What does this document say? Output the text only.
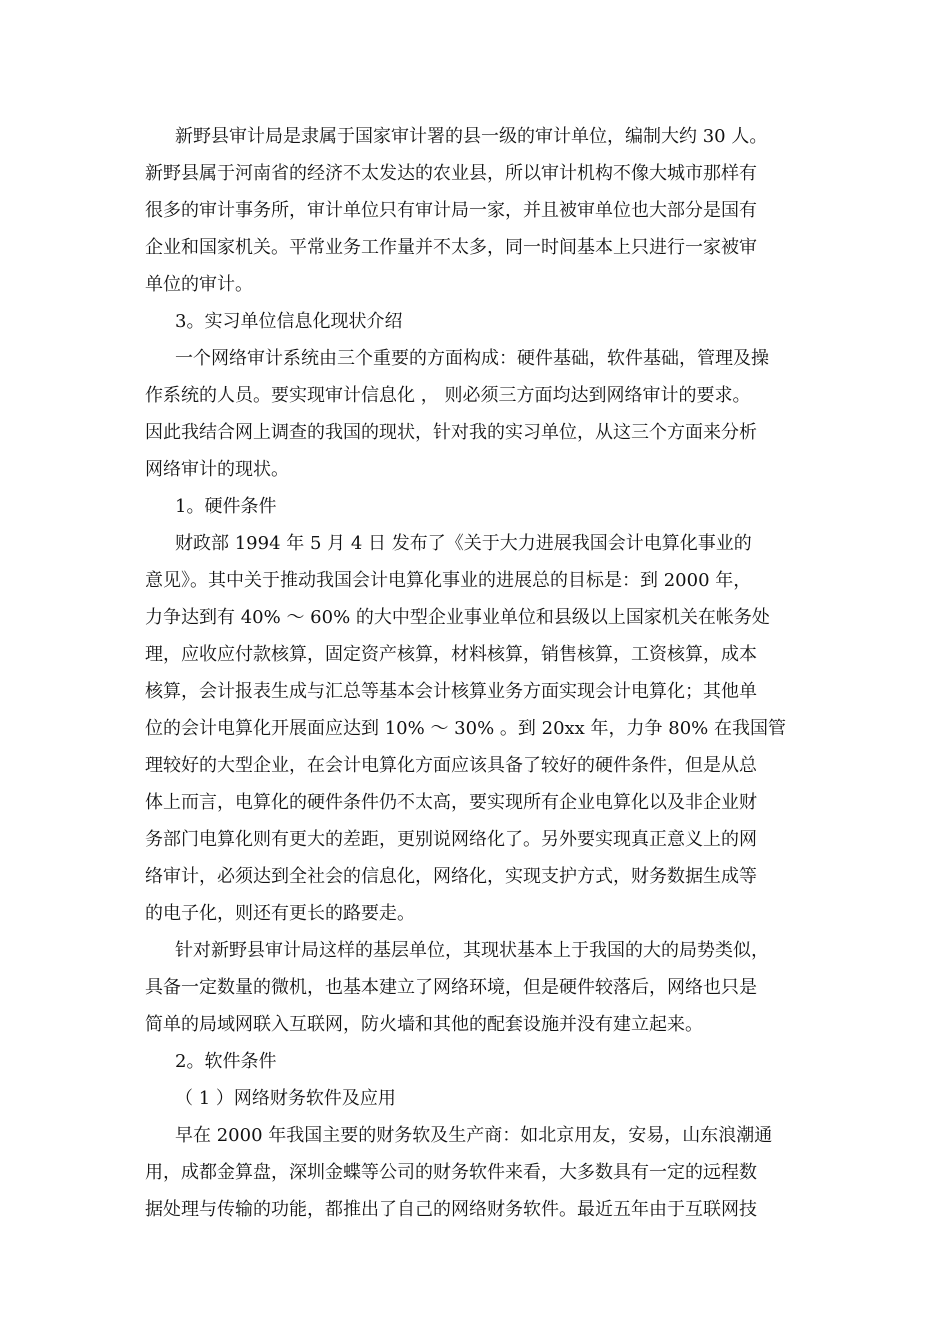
新野县审计局是隶属于国家审计署的县一级的审计单位，编制大约 30 人。
新野县属于河南省的经济不太发达的农业县，所以审计机构不像大城市那样有
很多的审计事务所，审计单位只有审计局一家，并且被审单位也大部分是国有
企业和国家机关。平常业务工作量并不太多，同一时间基本上只进行一家被审
单位的审计。
3。实习单位信息化现状介绍
一个网络审计系统由三个重要的方面构成：硬件基础，软件基础，管理及操
作系统的人员。要实现审计信息化 ， 则必须三方面均达到网络审计的要求。
因此我结合网上调查的我国的现状，针对我的实习单位，从这三个方面来分析
网络审计的现状。
1。硬件条件
财政部 1994 年 5 月 4 日 发布了《关于大力进展我国会计电算化事业的
意见》。其中关于推动我国会计电算化事业的进展总的目标是：到 2000 年，
力争达到有 40% ～ 60% 的大中型企业事业单位和县级以上国家机关在帐务处
理，应收应付款核算，固定资产核算，材料核算，销售核算，工资核算，成本
核算，会计报表生成与汇总等基本会计核算业务方面实现会计电算化；其他单
位的会计电算化开展面应达到 10% ～ 30% 。到 20xx 年，力争 80% 在我国管
理较好的大型企业，在会计电算化方面应该具备了较好的硬件条件，但是从总
体上而言，电算化的硬件条件仍不太高，要实现所有企业电算化以及非企业财
务部门电算化则有更大的差距，更别说网络化了。另外要实现真正意义上的网
络审计，必须达到全社会的信息化，网络化，实现支护方式，财务数据生成等
的电子化，则还有更长的路要走。
针对新野县审计局这样的基层单位，其现状基本上于我国的大的局势类似，
具备一定数量的微机，也基本建立了网络环境，但是硬件较落后，网络也只是
简单的局域网联入互联网，防火墙和其他的配套设施并没有建立起来。
2。软件条件
（ 1 ）网络财务软件及应用
早在 2000 年我国主要的财务软及生产商：如北京用友，安易，山东浪潮通
用，成都金算盘，深圳金蝶等公司的财务软件来看，大多数具有一定的远程数
据处理与传输的功能，都推出了自己的网络财务软件。最近五年由于互联网技
